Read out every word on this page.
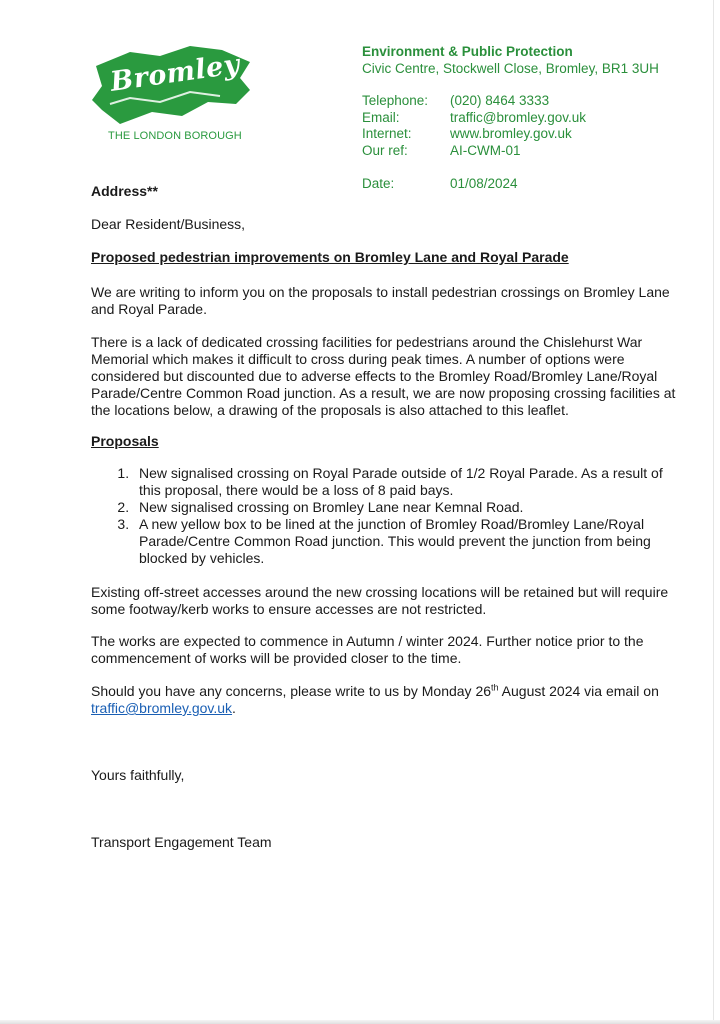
Bromley
THE LONDON BOROUGH
Environment & Public Protection
Civic Centre, Stockwell Close, Bromley, BR1 3UH
Telephone:	(020) 8464 3333
Email:	traffic@bromley.gov.uk
Internet:	www.bromley.gov.uk
Our ref:	AI-CWM-01
Date:	01/08/2024
Address**
Dear Resident/Business,
Proposed pedestrian improvements on Bromley Lane and Royal Parade
We are writing to inform you on the proposals to install pedestrian crossings on Bromley Lane and Royal Parade.
There is a lack of dedicated crossing facilities for pedestrians around the Chislehurst War Memorial which makes it difficult to cross during peak times. A number of options were considered but discounted due to adverse effects to the Bromley Road/Bromley Lane/Royal Parade/Centre Common Road junction. As a result, we are now proposing crossing facilities at the locations below, a drawing of the proposals is also attached to this leaflet.
Proposals
1. New signalised crossing on Royal Parade outside of 1/2 Royal Parade. As a result of this proposal, there would be a loss of 8 paid bays.
2. New signalised crossing on Bromley Lane near Kemnal Road.
3. A new yellow box to be lined at the junction of Bromley Road/Bromley Lane/Royal Parade/Centre Common Road junction. This would prevent the junction from being blocked by vehicles.
Existing off-street accesses around the new crossing locations will be retained but will require some footway/kerb works to ensure accesses are not restricted.
The works are expected to commence in Autumn / winter 2024. Further notice prior to the commencement of works will be provided closer to the time.
Should you have any concerns, please write to us by Monday 26th August 2024 via email on traffic@bromley.gov.uk.
Yours faithfully,
Transport Engagement Team
